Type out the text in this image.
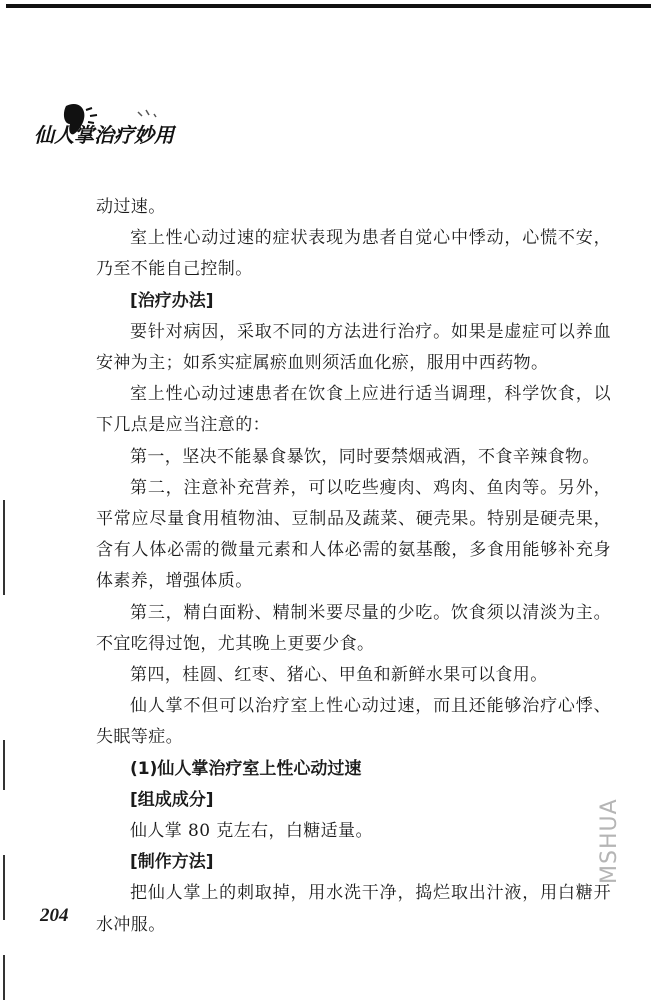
仙人掌治疗妙用

动过速。

室上性心动过速的症状表现为患者自觉心中悸动，心慌不安，乃至不能自己控制。

[治疗办法]

要针对病因，采取不同的方法进行治疗。如果是虚症可以养血安神为主；如系实症属瘀血则须活血化瘀，服用中西药物。

室上性心动过速患者在饮食上应进行适当调理，科学饮食，以下几点是应当注意的：

第一，坚决不能暴食暴饮，同时要禁烟戒酒，不食辛辣食物。

第二，注意补充营养，可以吃些瘦肉、鸡肉、鱼肉等。另外，平常应尽量食用植物油、豆制品及蔬菜、硬壳果。特别是硬壳果，含有人体必需的微量元素和人体必需的氨基酸，多食用能够补充身体素养，增强体质。

第三，精白面粉、精制米要尽量的少吃。饮食须以清淡为主。不宜吃得过饱，尤其晚上更要少食。

第四，桂圆、红枣、猪心、甲鱼和新鲜水果可以食用。

仙人掌不但可以治疗室上性心动过速，而且还能够治疗心悸、失眠等症。

(1)仙人掌治疗室上性心动过速

[组成成分]

仙人掌 80 克左右，白糖适量。

[制作方法]

把仙人掌上的刺取掉，用水洗干净，捣烂取出汁液，用白糖开水冲服。

204
MSHUA
